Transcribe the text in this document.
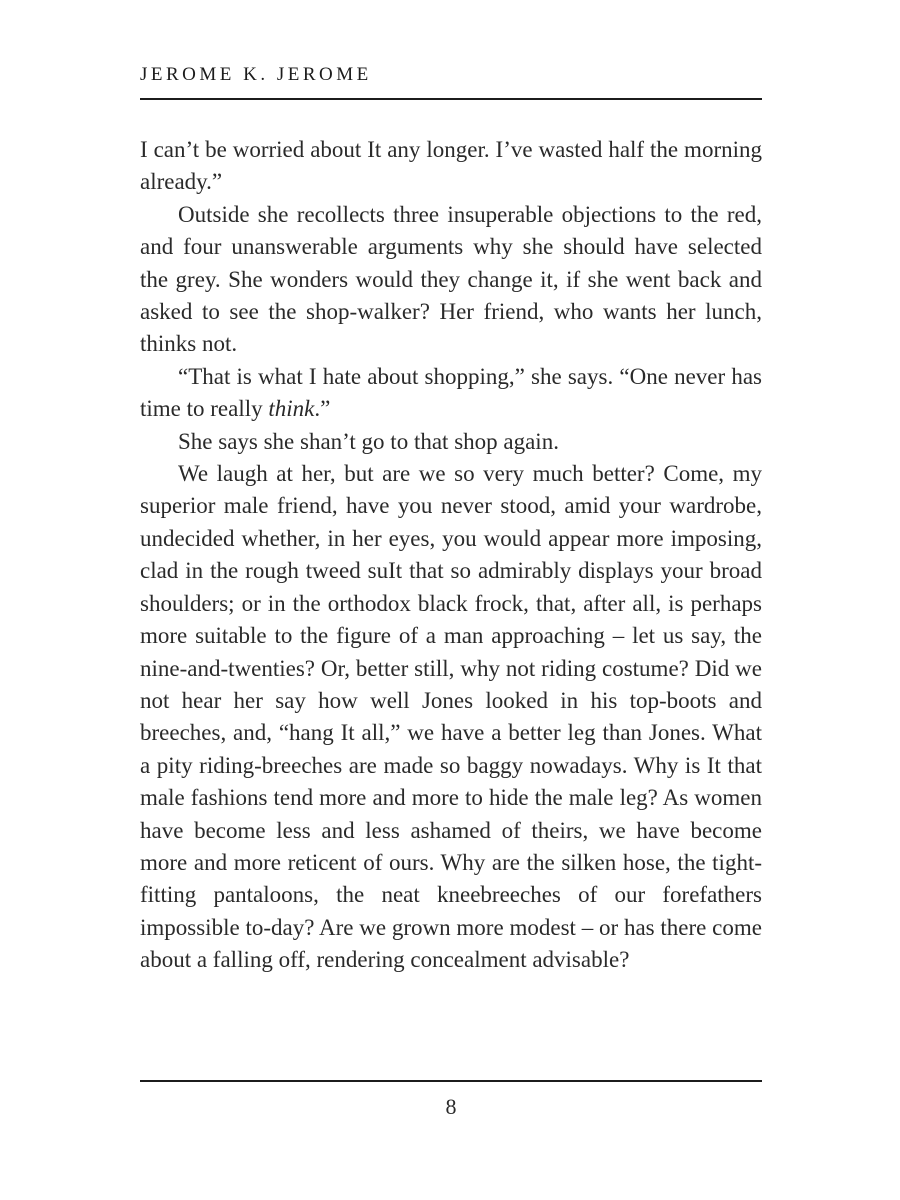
JEROME K. JEROME

I can’t be worried about It any longer. I’ve wasted half the morning already.”

Outside she recollects three insuperable objections to the red, and four unanswerable arguments why she should have selected the grey. She wonders would they change it, if she went back and asked to see the shop-walker? Her friend, who wants her lunch, thinks not.

“That is what I hate about shopping,” she says. “One never has time to really think.”

She says she shan’t go to that shop again.

We laugh at her, but are we so very much better? Come, my superior male friend, have you never stood, amid your wardrobe, undecided whether, in her eyes, you would appear more imposing, clad in the rough tweed suIt that so admirably displays your broad shoulders; or in the orthodox black frock, that, after all, is perhaps more suitable to the figure of a man approaching – let us say, the nine-and-twenties? Or, better still, why not riding costume? Did we not hear her say how well Jones looked in his top-boots and breeches, and, “hang It all,” we have a better leg than Jones. What a pity riding-breeches are made so baggy nowadays. Why is It that male fashions tend more and more to hide the male leg? As women have become less and less ashamed of theirs, we have become more and more reticent of ours. Why are the silken hose, the tight-fitting pantaloons, the neat kneebreeches of our forefathers impossible to-day? Are we grown more modest – or has there come about a falling off, rendering concealment advisable?

8
